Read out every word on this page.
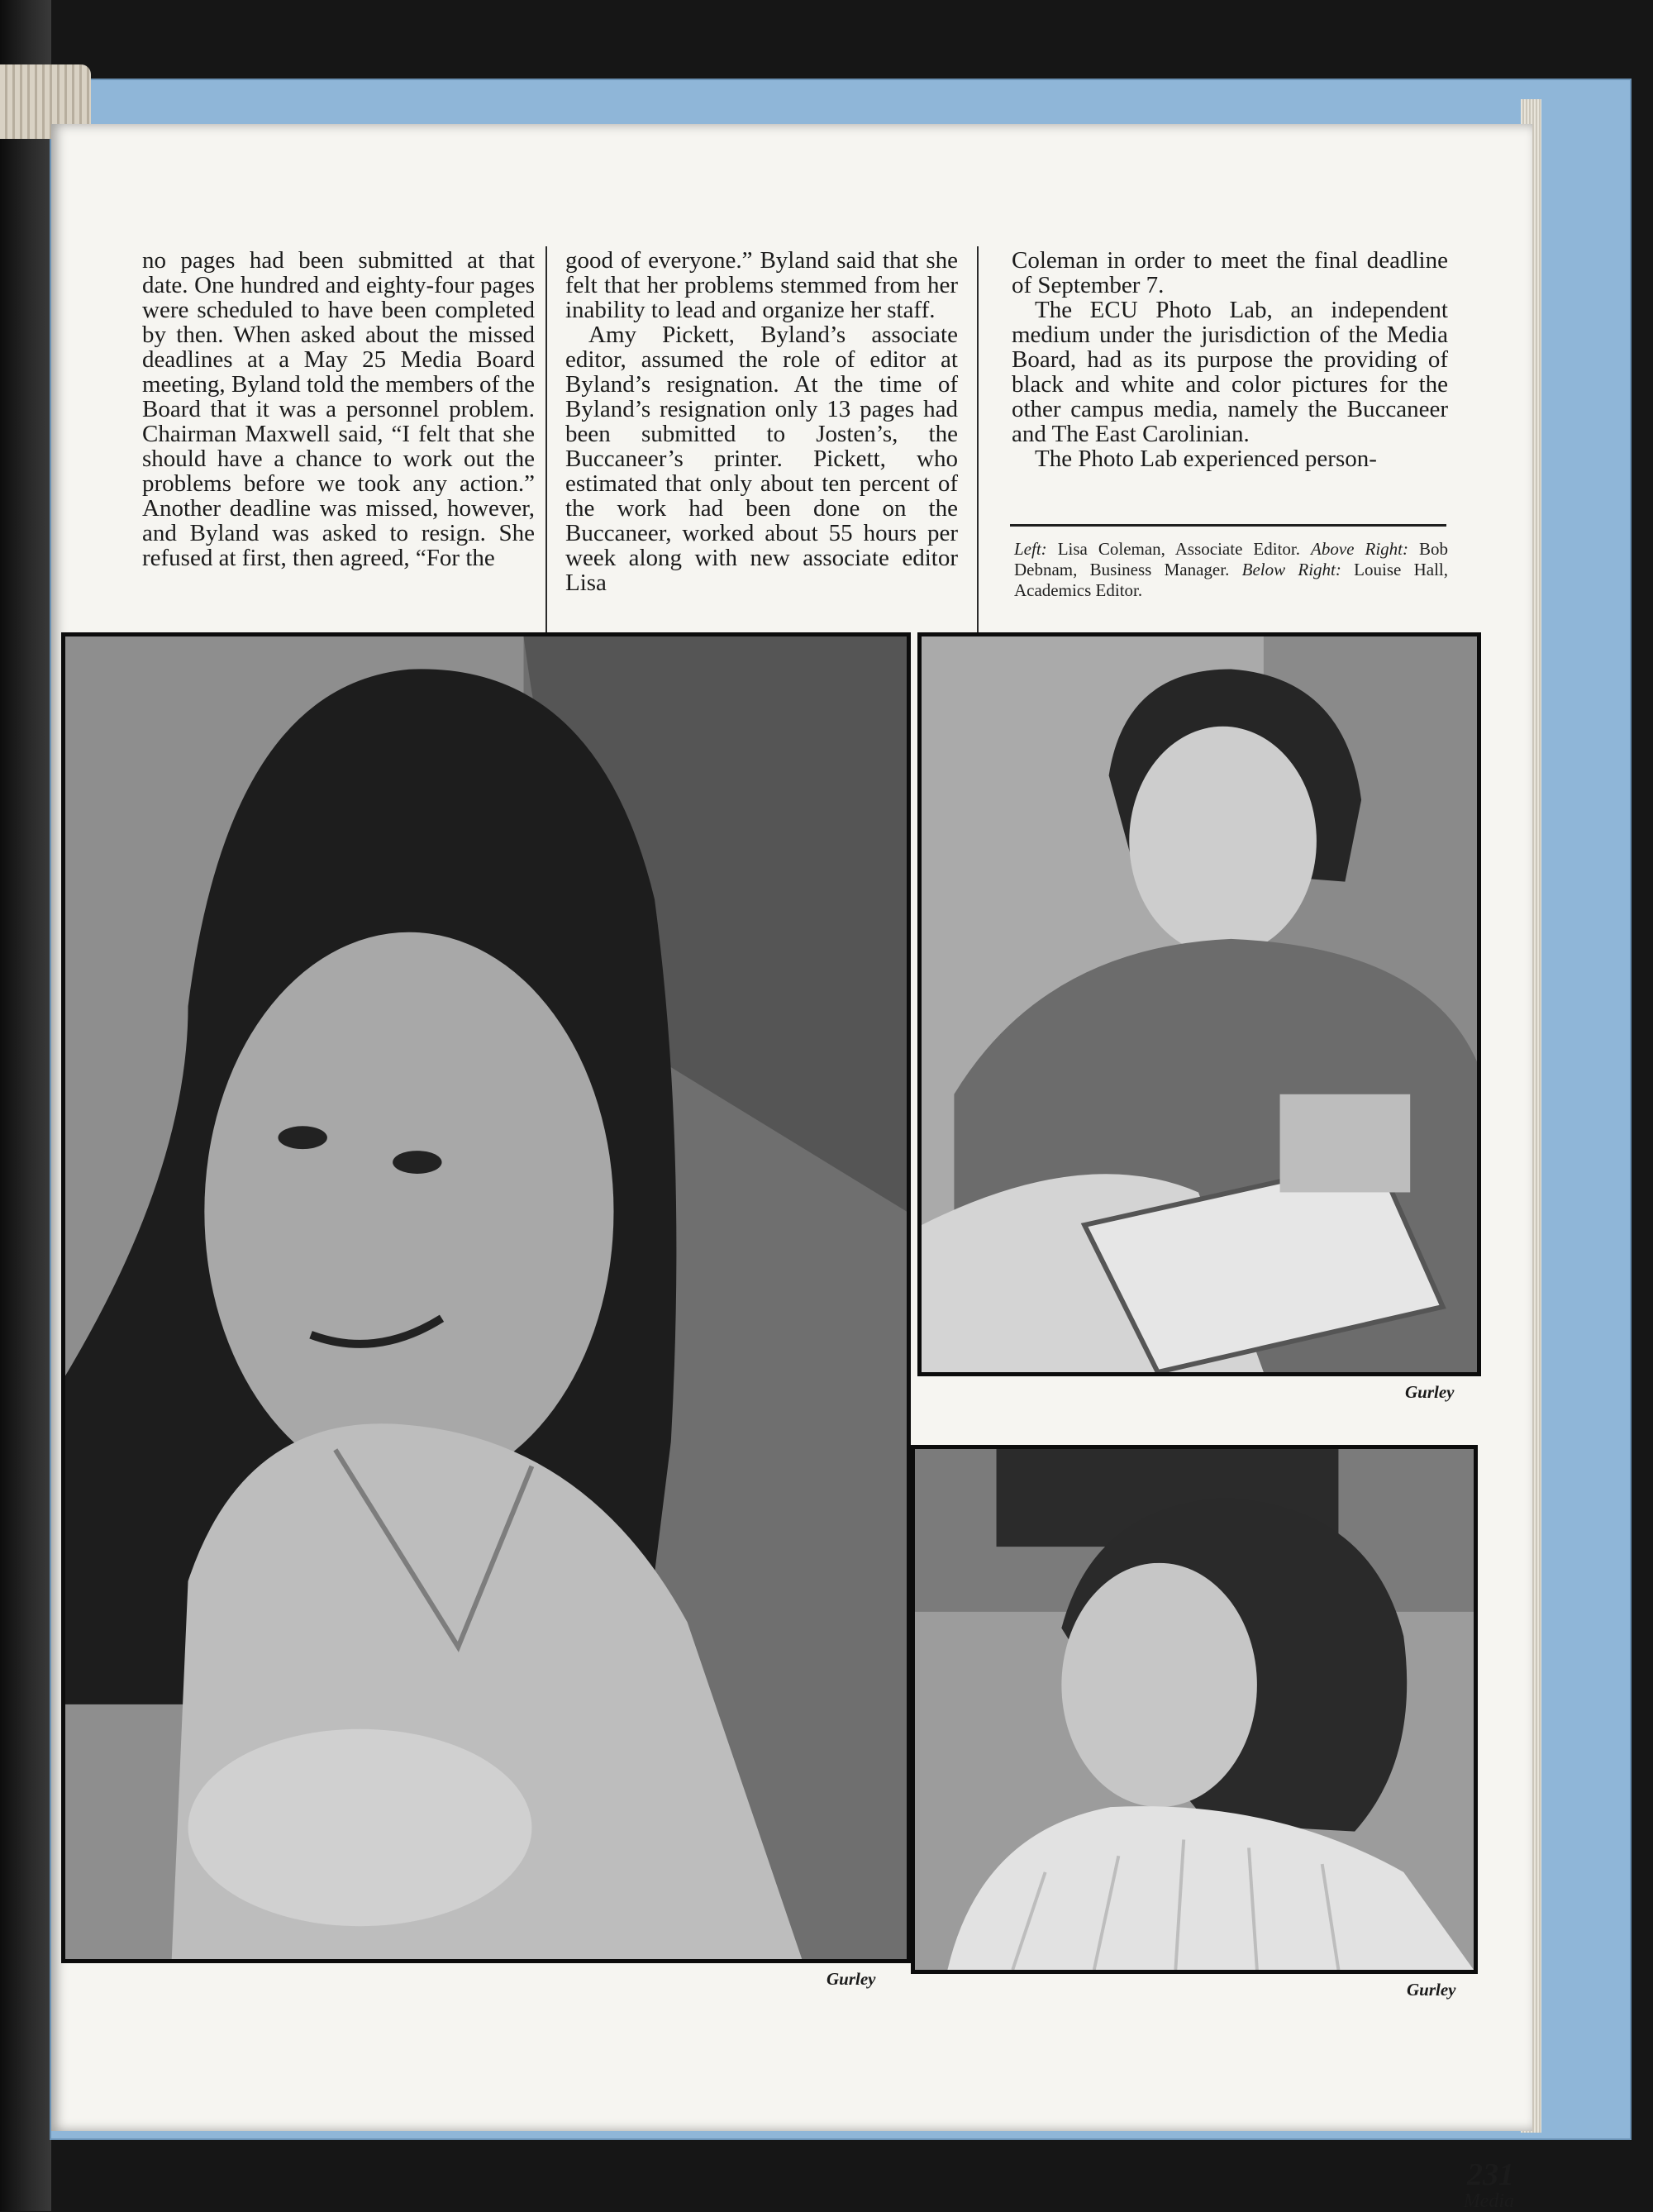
no pages had been submitted at that date. One hundred and eighty-four pages were scheduled to have been completed by then. When asked about the missed deadlines at a May 25 Media Board meeting, Byland told the members of the Board that it was a personnel problem. Chairman Maxwell said, “I felt that she should have a chance to work out the problems before we took any action.” Another deadline was missed, however, and Byland was asked to resign. She refused at first, then agreed, “For the

good of everyone.” Byland said that she felt that her problems stemmed from her inability to lead and organize her staff.

Amy Pickett, Byland’s associate editor, assumed the role of editor at Byland’s resignation. At the time of Byland’s resignation only 13 pages had been submitted to Josten’s, the Buccaneer’s printer. Pickett, who estimated that only about ten percent of the work had been done on the Buccaneer, worked about 55 hours per week along with new associate editor Lisa

Coleman in order to meet the final deadline of September 7.

The ECU Photo Lab, an independent medium under the jurisdiction of the Media Board, had as its purpose the providing of black and white and color pictures for the other campus media, namely the Buccaneer and The East Carolinian.

The Photo Lab experienced person-

Left: Lisa Coleman, Associate Editor. Above Right: Bob Debnam, Business Manager. Below Right: Louise Hall, Academics Editor.
Gurley
Gurley
Gurley
231
Media
